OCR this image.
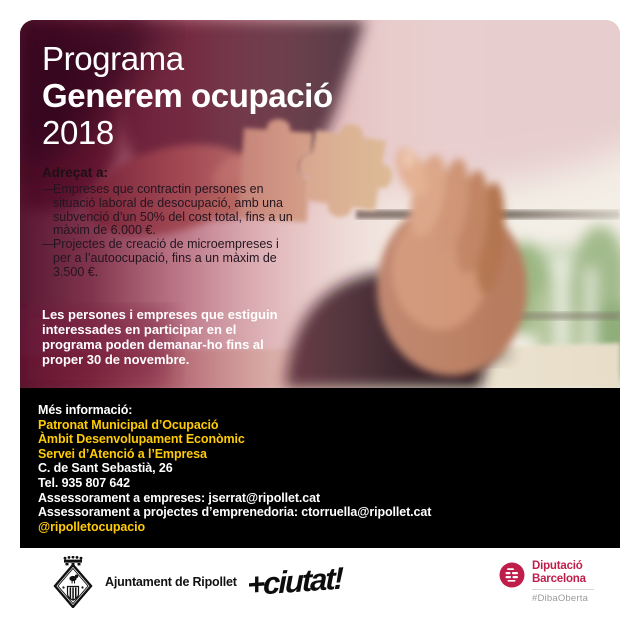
Programa
Generem ocupació
2018
Adreçat a:
—
Empreses que contractin persones en situació laboral de desocupació, amb una subvenció d’un 50% del cost total, fins a un màxim de 6.000 €.
—
Projectes de creació de microempreses i per a l’autoocupació, fins a un màxim de 3.500 €.

Les persones i empreses que estiguin interessades en participar en el programa poden demanar-ho fins al proper 30 de novembre.

Més informació:
Patronat Municipal d’Ocupació
Àmbit Desenvolupament Econòmic
Servei d’Atenció a l’Empresa
C. de Sant Sebastià, 26
Tel. 935 807 642
Assessorament a empreses: jserrat@ripollet.cat
Assessorament a projectes d’emprenedoria: ctorruella@ripollet.cat
@ripolletocupacio
Ajuntament de Ripollet +ciutat!	Diputació
Barcelona
#DibaOberta
